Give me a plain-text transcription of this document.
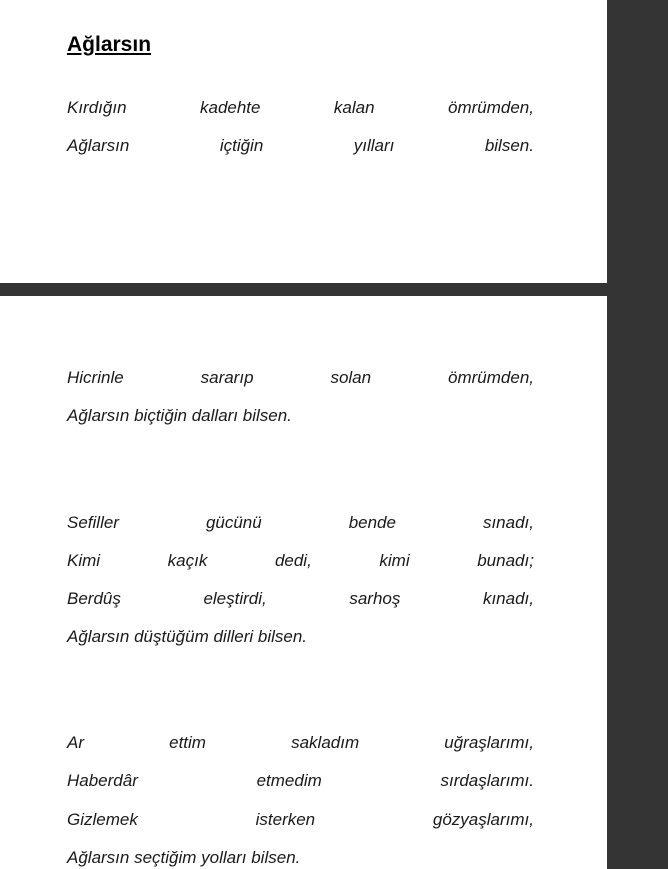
Ağlarsın
Kırdığın	kadehte	kalan	ömrümden,
Ağlarsın	içtiğin	yılları	bilsen.
Hicrinle	sararıp	solan	ömrümden,
Ağlarsın biçtiğin dalları bilsen.
Sefiller	gücünü	bende	sınadı,
Kimi	kaçık	dedi,	kimi	bunadı;
Berdûş	eleştirdi,	sarhoş	kınadı,
Ağlarsın düştüğüm dilleri bilsen.
Ar	ettim	sakladım	uğraşlarımı,
Haberdâr	etmedim	sırdaşlarımı.
Gizlemek	isterken	gözyaşlarımı,
Ağlarsın seçtiğim yolları bilsen.
